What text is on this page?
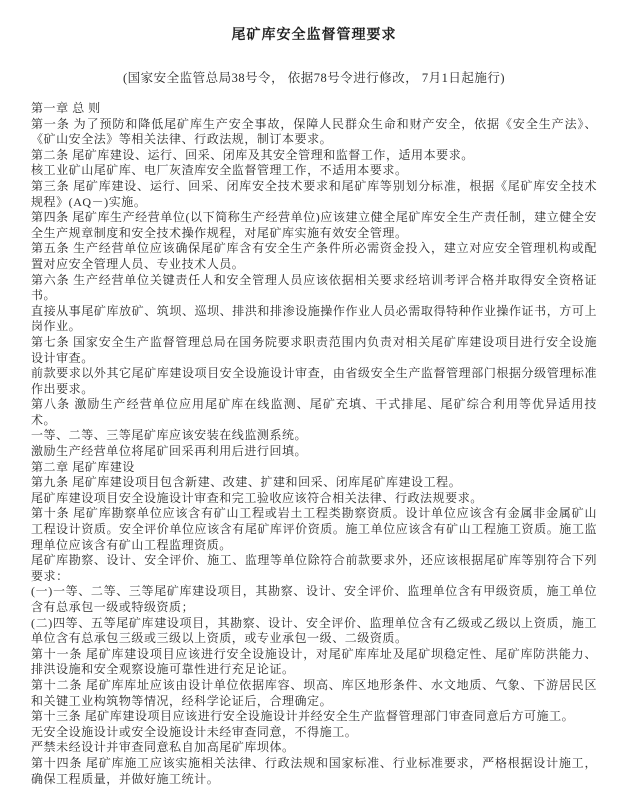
尾矿库安全监督管理要求
(国家安全监管总局38号令， 依据78号令进行修改， 7月1日起施行)

第一章 总 则

第一条 为了预防和降低尾矿库生产安全事故，保障人民群众生命和财产安全，依据《安全生产法》、《矿山安全法》等相关法律、行政法规，制订本要求。

第二条 尾矿库建设、运行、回采、闭库及其安全管理和监督工作，适用本要求。

核工业矿山尾矿库、电厂灰渣库安全监督管理工作，不适用本要求。

第三条 尾矿库建设、运行、回采、闭库安全技术要求和尾矿库等别划分标准，根据《尾矿库安全技术规程》(AQ－)实施。

第四条 尾矿库生产经营单位(以下简称生产经营单位)应该建立健全尾矿库安全生产责任制，建立健全安全生产规章制度和安全技术操作规程，对尾矿库实施有效安全管理。

第五条 生产经营单位应该确保尾矿库含有安全生产条件所必需资金投入，建立对应安全管理机构或配置对应安全管理人员、专业技术人员。

第六条 生产经营单位关键责任人和安全管理人员应该依据相关要求经培训考评合格并取得安全资格证书。

直接从事尾矿库放矿、筑坝、巡坝、排洪和排渗设施操作作业人员必需取得特种作业操作证书，方可上岗作业。

第七条 国家安全生产监督管理总局在国务院要求职责范围内负责对相关尾矿库建设项目进行安全设施设计审查。

前款要求以外其它尾矿库建设项目安全设施设计审查，由省级安全生产监督管理部门根据分级管理标准作出要求。

第八条 激励生产经营单位应用尾矿库在线监测、尾矿充填、干式排尾、尾矿综合利用等优异适用技术。

一等、二等、三等尾矿库应该安装在线监测系统。

激励生产经营单位将尾矿回采再利用后进行回填。

第二章 尾矿库建设

第九条 尾矿库建设项目包含新建、改建、扩建和回采、闭库尾矿库建设工程。

尾矿库建设项目安全设施设计审查和完工验收应该符合相关法律、行政法规要求。

第十条 尾矿库勘察单位应该含有矿山工程或岩土工程类勘察资质。设计单位应该含有金属非金属矿山工程设计资质。安全评价单位应该含有尾矿库评价资质。施工单位应该含有矿山工程施工资质。施工监理单位应该含有矿山工程监理资质。

尾矿库勘察、设计、安全评价、施工、监理等单位除符合前款要求外，还应该根据尾矿库等别符合下列要求：

(一)一等、二等、三等尾矿库建设项目，其勘察、设计、安全评价、监理单位含有甲级资质，施工单位含有总承包一级或特级资质；

(二)四等、五等尾矿库建设项目，其勘察、设计、安全评价、监理单位含有乙级或乙级以上资质，施工单位含有总承包三级或三级以上资质，或专业承包一级、二级资质。

第十一条 尾矿库建设项目应该进行安全设施设计，对尾矿库库址及尾矿坝稳定性、尾矿库防洪能力、排洪设施和安全观察设施可靠性进行充足论证。

第十二条 尾矿库库址应该由设计单位依据库容、坝高、库区地形条件、水文地质、气象、下游居民区和关键工业构筑物等情况，经科学论证后，合理确定。

第十三条 尾矿库建设项目应该进行安全设施设计并经安全生产监督管理部门审查同意后方可施工。

无安全设施设计或安全设施设计未经审查同意，不得施工。

严禁未经设计并审查同意私自加高尾矿库坝体。

第十四条 尾矿库施工应该实施相关法律、行政法规和国家标准、行业标准要求，严格根据设计施工，确保工程质量，并做好施工统计。
